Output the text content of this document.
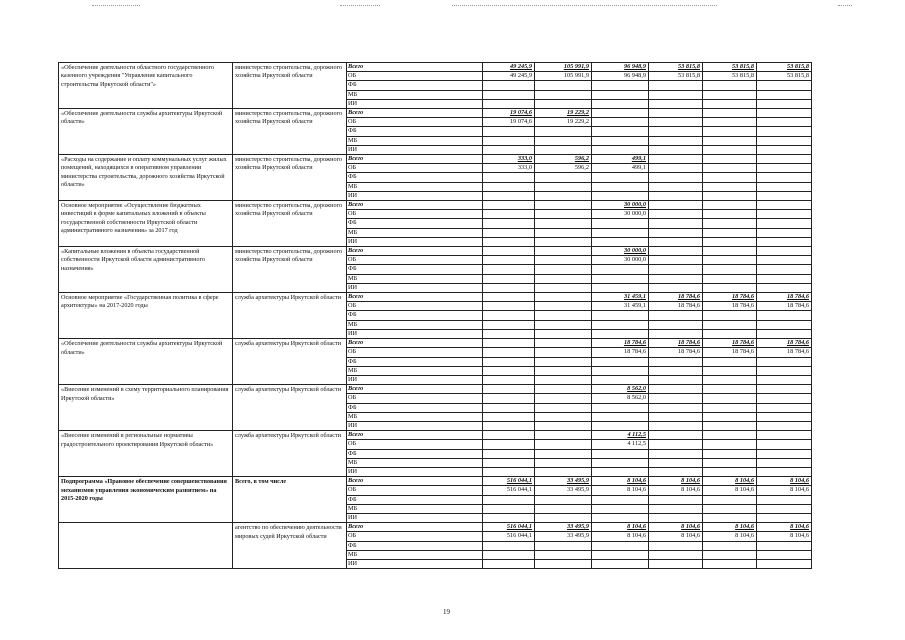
«Обеспечение деятельности областного государственного казенного учреждения "Управление капитального строительства Иркутской области"»	министерство строительства, дорожного хозяйства Иркутской области	Всего	49 245,9	105 991,9	96 948,9	53 815,8	53 815,8	53 815,8
		ОБ	49 245,9	105 991,9	96 948,9	53 815,8	53 815,8	53 815,8
		ФБ						
		МБ						
		ИИ						
«Обеспечение деятельности службы архитектуры Иркутской области»	министерство строительства, дорожного хозяйства Иркутской области	Всего	19 074,6	19 229,2				
		ОБ	19 074,6	19 229,2				
		ФБ						
		МБ						
		ИИ						
«Расходы на содержание и оплату коммунальных услуг жилых помещений, находящихся в оперативном управлении министерства строительства, дорожного хозяйства Иркутской области»	министерство строительства, дорожного хозяйства Иркутской области	Всего	333,0	596,2	499,1			
		ОБ	333,0	596,2	499,1			
		ФБ						
		МБ						
		ИИ						
Основное мероприятие «Осуществление бюджетных инвестиций в форме капитальных вложений в объекты государственной собственности Иркутской области административного назначения» за 2017 год	министерство строительства, дорожного хозяйства Иркутской области	Всего			30 000,0			
		ОБ			30 000,0			
		ФБ						
		МБ						
		ИИ						
«Капитальные вложения в объекты государственной собственности Иркутской области административного назначения»	министерство строительства, дорожного хозяйства Иркутской области	Всего			30 000,0			
		ОБ			30 000,0			
		ФБ						
		МБ						
		ИИ						
Основное мероприятие «Государственная политика в сфере архитектуры» на 2017-2020 годы	служба архитектуры Иркутской области	Всего			31 459,1	18 784,6	18 784,6	18 784,6
		ОБ			31 459,1	18 784,6	18 784,6	18 784,6
		ФБ						
		МБ						
		ИИ						
«Обеспечение деятельности службы архитектуры Иркутской области»	служба архитектуры Иркутской области	Всего			18 784,6	18 784,6	18 784,6	18 784,6
		ОБ			18 784,6	18 784,6	18 784,6	18 784,6
		ФБ						
		МБ						
		ИИ						
«Внесение изменений в схему территориального планирования Иркутской области»	служба архитектуры Иркутской области	Всего			8 562,0			
		ОБ			8 562,0			
		ФБ						
		МБ						
		ИИ						
«Внесение изменений в региональные нормативы градостроительного проектирования Иркутской области»	служба архитектуры Иркутской области	Всего			4 112,5			
		ОБ			4 112,5			
		ФБ						
		МБ						
		ИИ						
Подпрограмма «Правовое обеспечение совершенствования механизмов управления экономическим развитием» на 2015-2020 годы	Всего, в том числе	Всего	516 044,1	33 495,9	8 104,6	8 104,6	8 104,6	8 104,6
		ОБ	516 044,1	33 495,9	8 104,6	8 104,6	8 104,6	8 104,6
		ФБ						
		МБ						
		ИИ						
	агентство по обеспечению деятельности мировых судей Иркутской области	Всего	516 044,1	33 495,9	8 104,6	8 104,6	8 104,6	8 104,6
		ОБ	516 044,1	33 495,9	8 104,6	8 104,6	8 104,6	8 104,6
		ФБ						
		МБ						
		ИИ						
19
